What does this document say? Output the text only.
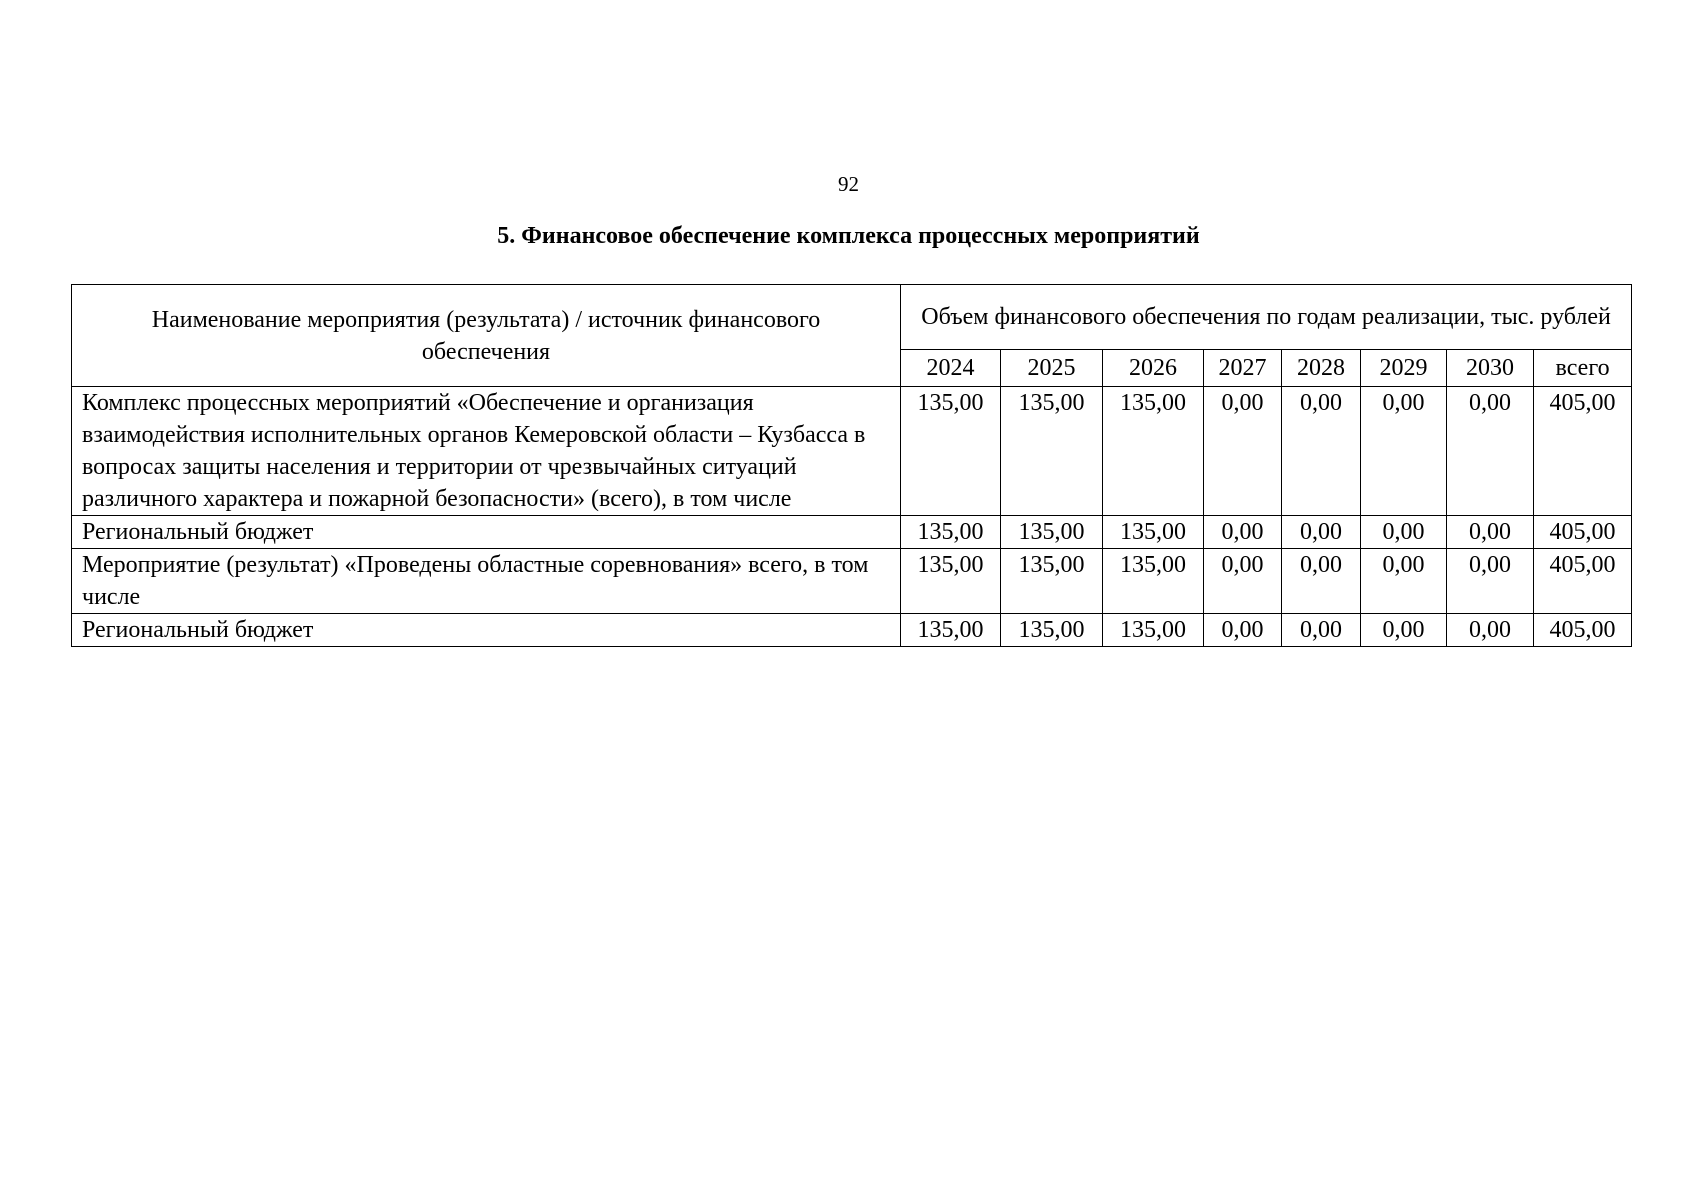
92
5. Финансовое обеспечение комплекса процессных мероприятий
Наименование мероприятия (результата) / источник финансового обеспечения	Объем финансового обеспечения по годам реализации, тыс. рублей							
	2024	2025	2026	2027	2028	2029	2030	всего
Комплекс процессных мероприятий «Обеспечение и организация взаимодействия исполнительных органов Кемеровской области – Кузбасса в вопросах защиты населения и территории от чрезвычайных ситуаций различного характера и пожарной безопасности» (всего), в том числе	135,00	135,00	135,00	0,00	0,00	0,00	0,00	405,00
Региональный бюджет	135,00	135,00	135,00	0,00	0,00	0,00	0,00	405,00
Мероприятие (результат) «Проведены областные соревнования» всего, в том числе	135,00	135,00	135,00	0,00	0,00	0,00	0,00	405,00
Региональный бюджет	135,00	135,00	135,00	0,00	0,00	0,00	0,00	405,00
